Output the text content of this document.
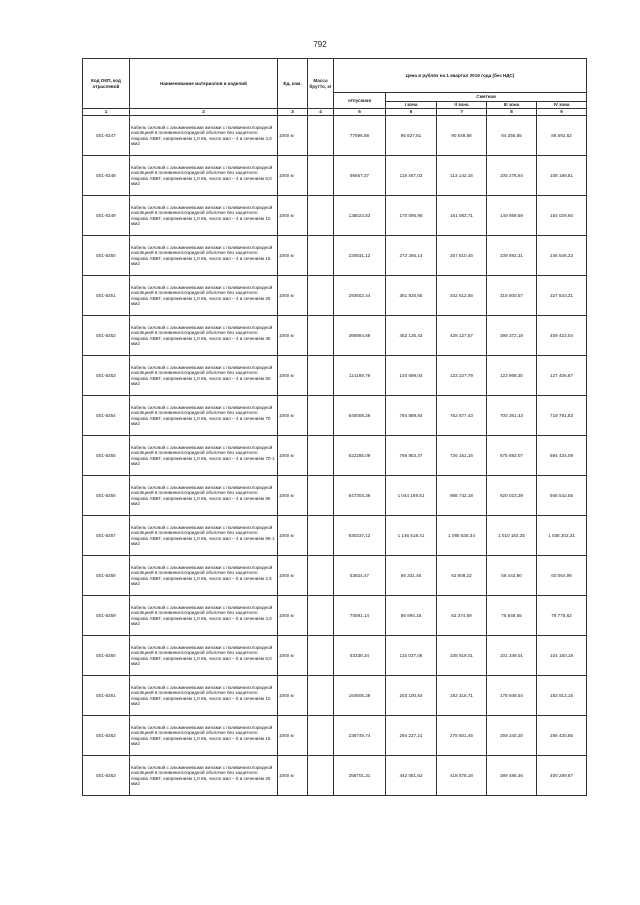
792
Код ОКП, код отраслевой	Наименование материалов и изделий	Ед. изм.	Масса брутто, кг	Цена в рублях на 1 квартал 2019 года (без НДС)				
				отпускная	Сметная			
					I зона	II зона	III зона	IV зона
1	2	3	4	5	6	7	8	9
501-8347	Кабель силовой с алюминиевыми жилами с поливинилхлоридной изоляцией в поливинилхлоридной оболочке без защитного покрова АВВГ, напряжением 1,0 Кв, число жил – 4 и сечением 4,0 мм2	1000 м		77596,88	95 627,81	90 549,88	84 256,55	86 592,62
501-8348	Кабель силовой с алюминиевыми жилами с поливинилхлоридной изоляцией в поливинилхлоридной оболочке без защитного покрова АВВГ, напряжением 1,0 Кв, число жил – 4 и сечением 6,0 мм2	1000 м		96657,37	119 467,03	113 142,16	105 276,64	108 198,81
501-8349	Кабель силовой с алюминиевыми жилами с поливинилхлоридной изоляцией в поливинилхлоридной оболочке без защитного покрова АВВГ, напряжением 1,0 Кв, число жил – 4 и сечением 10 мм2	1000 м		138023,83	170 095,96	161 063,71	149 869,59	154 029,60
501-8350	Кабель силовой с алюминиевыми жилами с поливинилхлоридной изоляцией в поливинилхлоридной оболочке без защитного покрова АВВГ, напряжением 1,0 Кв, число жил – 4 и сечением 16 мм2	1000 м		220931,12	272 266,14	257 810,45	239 892,31	246 546,33
501-8351	Кабель силовой с алюминиевыми жилами с поливинилхлоридной изоляцией в поливинилхлоридной оболочке без защитного покрова АВВГ, напряжением 1,0 Кв, число жил – 4 и сечением 25 мм2	1000 м		293602,44	361 825,65	342 612,56	318 800,57	327 643,31
501-8352	Кабель силовой с алюминиевыми жилами с поливинилхлоридной изоляцией в поливинилхлоридной оболочке без защитного покрова АВВГ, напряжением 1,0 Кв, число жил – 4 и сечением 35 мм2	1000 м		366884,68	452 135,43	428 127,57	398 372,18	409 422,04
501-8353	Кабель силовой с алюминиевыми жилами с поливинилхлоридной изоляцией в поливинилхлоридной оболочке без защитного покрова АВВГ, напряжением 1,0 Кв, число жил – 4 и сечением 50 мм2	1000 м		114169,79	140 699,04	133 227,79	123 968,30	127 406,87
501-8354	Кабель силовой с алюминиевыми жилами с поливинилхлоридной изоляцией в поливинилхлоридной оболочке без защитного покрова АВВГ, напряжением 1,0 Кв, число жил – 4 и сечением 70 мм2	1000 м		645008,26	794 889,84	752 677,43	700 361,43	719 791,83
501-8355	Кабель силовой с алюминиевыми жилами с поливинилхлоридной изоляцией в поливинилхлоридной оболочке без защитного покрова АВВГ, напряжением 1,0 Кв, число жил – 4 и сечением 70-1 мм2	1000 м		622285,09	766 853,37	726 161,16	675 692,07	694 434,09
501-8356	Кабель силовой с алюминиевыми жилами с поливинилхлоридной изоляцией в поливинилхлоридной оболочке без защитного покрова АВВГ, напряжением 1,0 Кв, число жил – 4 и сечением 95 мм2	1000 м		847304,36	1 044 169,51	988 742,18	920 023,39	945 542,56
501-8357	Кабель силовой с алюминиевыми жилами с поливинилхлоридной изоляцией в поливинилхлоридной оболочке без защитного покрова АВВГ, напряжением 1,0 Кв, число жил – 4 и сечением 95-1 мм2	1000 м		930337,12	1 146 518,41	1 085 635,34	1 010 182,35	1 038 202,31
501-8358	Кабель силовой с алюминиевыми жилами с поливинилхлоридной изоляцией в поливинилхлоридной оболочке без защитного покрова АВВГ, напряжением 1,0 Кв, число жил – 5 и сечением 2,5 мм2	1000 м		53824,47	66 331,46	62 809,22	58 443,90	60 064,99
501-8359	Кабель силовой с алюминиевыми жилами с поливинилхлоридной изоляцией в поливинилхлоридной оболочке без защитного покрова АВВГ, напряжением 1,0 Кв, число жил – 5 и сечением 4,0 мм2	1000 м		70591,14	86 994,16	82 374,69	76 649,55	78 775,62
501-8360	Кабель силовой с алюминиевыми жилами с поливинилхлоридной изоляцией в поливинилхлоридной оболочке без защитного покрова АВВГ, напряжением 1,0 Кв, число жил – 5 и сечением 6,0 мм2	1000 м		93338,34	115 027,06	108 919,01	101 349,01	104 160,18
501-8361	Кабель силовой с алюминиевыми жилами с поливинилхлоридной изоляцией в поливинилхлоридной оболочке без защитного покрова АВВГ, напряжением 1,0 Кв, число жил – 5 и сечением 10 мм2	1000 м		164605,28	203 100,54	192 315,71	178 949,54	183 913,15
501-8362	Кабель силовой с алюминиевыми жилами с поливинилхлоридной изоляцией в поливинилхлоридной оболочке без защитного покрова АВВГ, напряжением 1,0 Кв, число жил – 5 и сечением 16 мм2	1000 м		238749,74	294 227,21	278 601,45	259 240,20	266 430,86
501-8363	Кабель силовой с алюминиевыми жилами с поливинилхлоридной изоляцией в поливинилхлоридной оболочке без защитного покрова АВВГ, напряжением 1,0 Кв, число жил – 5 и сечением 25 мм2	1000 м		358701,31	442 051,62	418 578,18	389 488,46	400 289,87
